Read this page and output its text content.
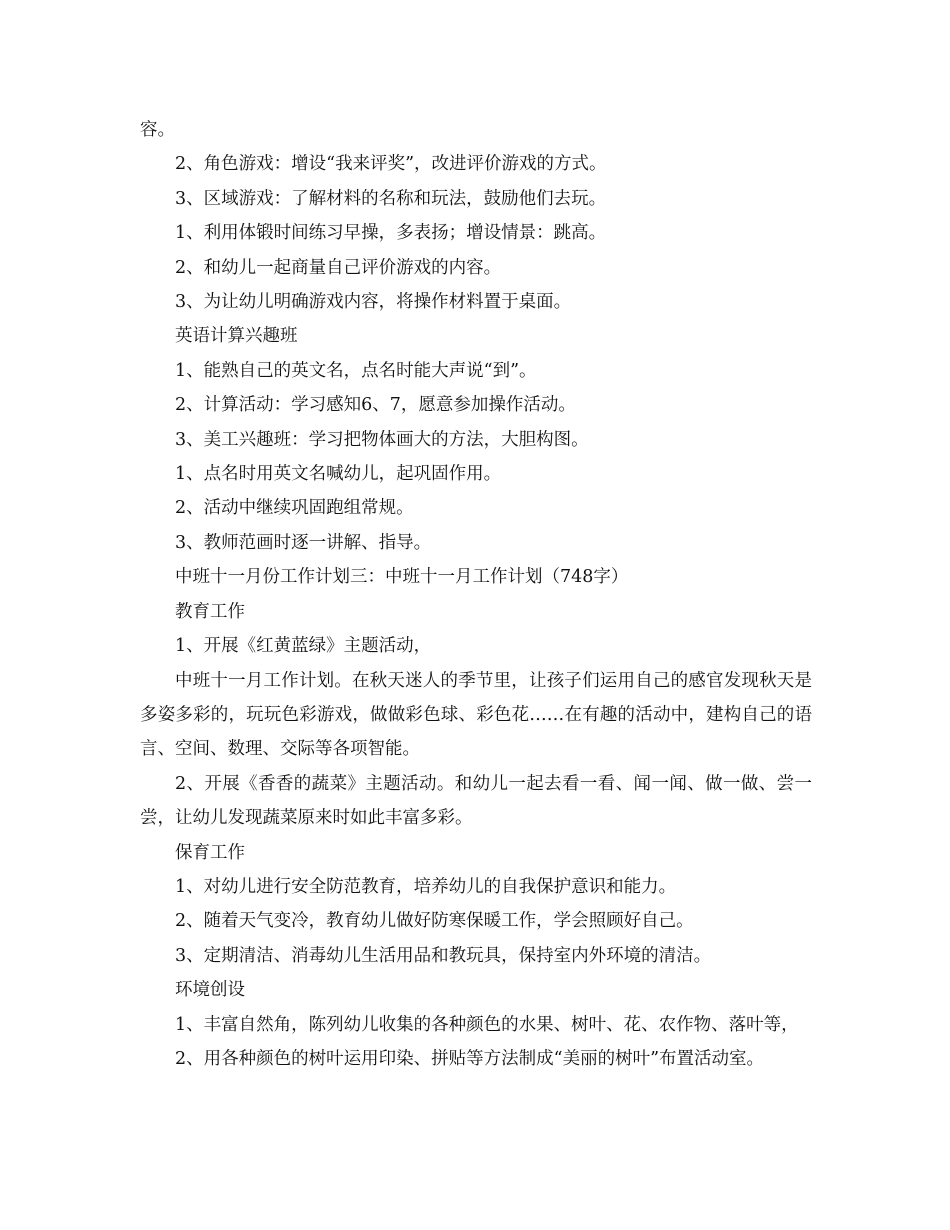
容。

2、角色游戏：增设“我来评奖”，改进评价游戏的方式。

3、区域游戏：了解材料的名称和玩法，鼓励他们去玩。

1、利用体锻时间练习早操，多表扬；增设情景：跳高。

2、和幼儿一起商量自己评价游戏的内容。

3、为让幼儿明确游戏内容，将操作材料置于桌面。

英语计算兴趣班

1、能熟自己的英文名，点名时能大声说“到”。

2、计算活动：学习感知6、7，愿意参加操作活动。

3、美工兴趣班：学习把物体画大的方法，大胆构图。

1、点名时用英文名喊幼儿，起巩固作用。

2、活动中继续巩固跑组常规。

3、教师范画时逐一讲解、指导。

中班十一月份工作计划三：中班十一月工作计划（748字）

教育工作

1、开展《红黄蓝绿》主题活动，

中班十一月工作计划。在秋天迷人的季节里，让孩子们运用自己的感官发现秋天是多姿多彩的，玩玩色彩游戏，做做彩色球、彩色花……在有趣的活动中，建构自己的语言、空间、数理、交际等各项智能。

2、开展《香香的蔬菜》主题活动。和幼儿一起去看一看、闻一闻、做一做、尝一尝，让幼儿发现蔬菜原来时如此丰富多彩。

保育工作

1、对幼儿进行安全防范教育，培养幼儿的自我保护意识和能力。

2、随着天气变冷，教育幼儿做好防寒保暖工作，学会照顾好自己。

3、定期清洁、消毒幼儿生活用品和教玩具，保持室内外环境的清洁。

环境创设

1、丰富自然角，陈列幼儿收集的各种颜色的水果、树叶、花、农作物、落叶等，

2、用各种颜色的树叶运用印染、拼贴等方法制成“美丽的树叶”布置活动室。
